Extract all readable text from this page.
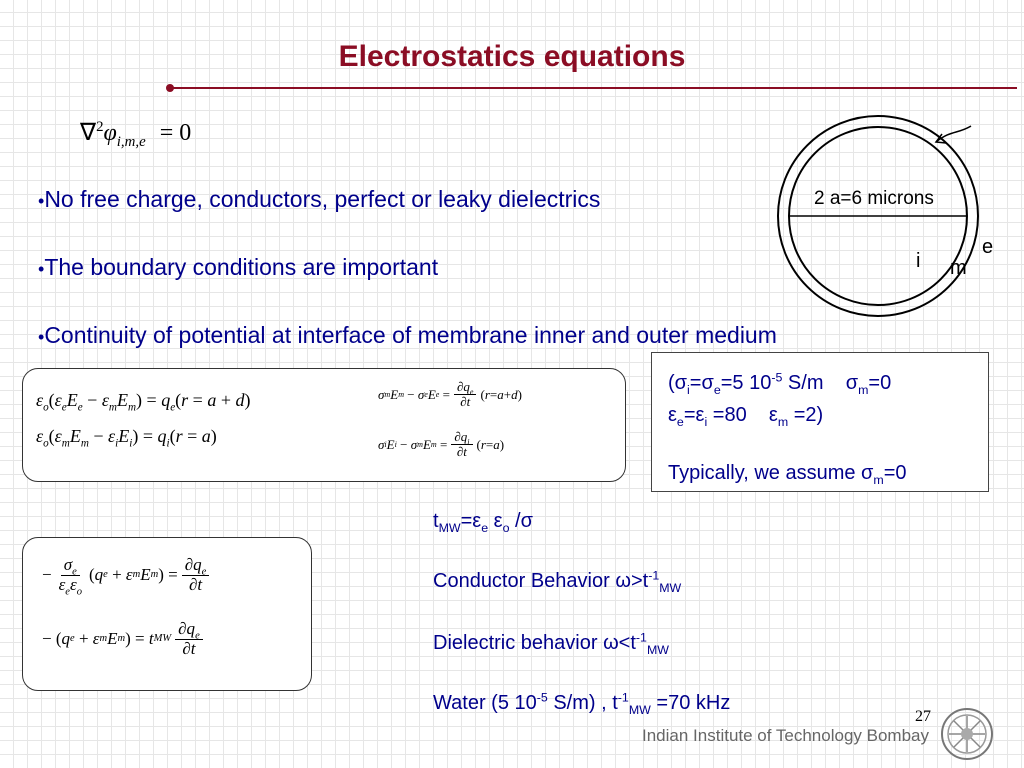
Electrostatics equations
$\nabla^2\varphi_{i,m,e} = 0$
•No free charge, conductors, perfect or leaky dielectrics
•The boundary conditions are important
•Continuity of potential at interface of membrane inner and outer medium
2 a=6 microns
i m
e
$\varepsilon_o(\varepsilon_eE_e - \varepsilon_mE_m) = q_e(r = a + d)$
$\varepsilon_o(\varepsilon_mE_m - \varepsilon_iE_i) = q_i(r = a)$
σ m E m
− σ e E e
= $\frac{\partial q_e}{\partial t}$ ( r = a + d )
σ i E i
− σ m E m
= $\frac{\partial q_i}{\partial t}$ ( r = a )
($\sigma_i=\sigma_e=5$ $10^{-5}$ S/m $\sigma_m=0$
$\varepsilon_e=\varepsilon_i =80$ $\varepsilon_m =2$)
Typically, we assume $\sigma_m=0$
− $\frac{\sigma_e}{\varepsilon_e\varepsilon_o}$ ( q e + ε m E m )
= $\frac{\partial q_e}{\partial t}$
−
( q e + ε m E m )
= t MW $\frac{\partial q_e}{\partial t}$
$t_{MW}=\varepsilon_e$ $\varepsilon_o$ /σ
Conductor Behavior $\omega>t^{-1}_{MW}$
Dielectric behavior $\omega<t^{-1}_{MW}$
Water (5 $10^{-5}$ S/m) , $t^{-1}_{MW} =70$ kHz
27
Indian Institute of Technology Bombay
